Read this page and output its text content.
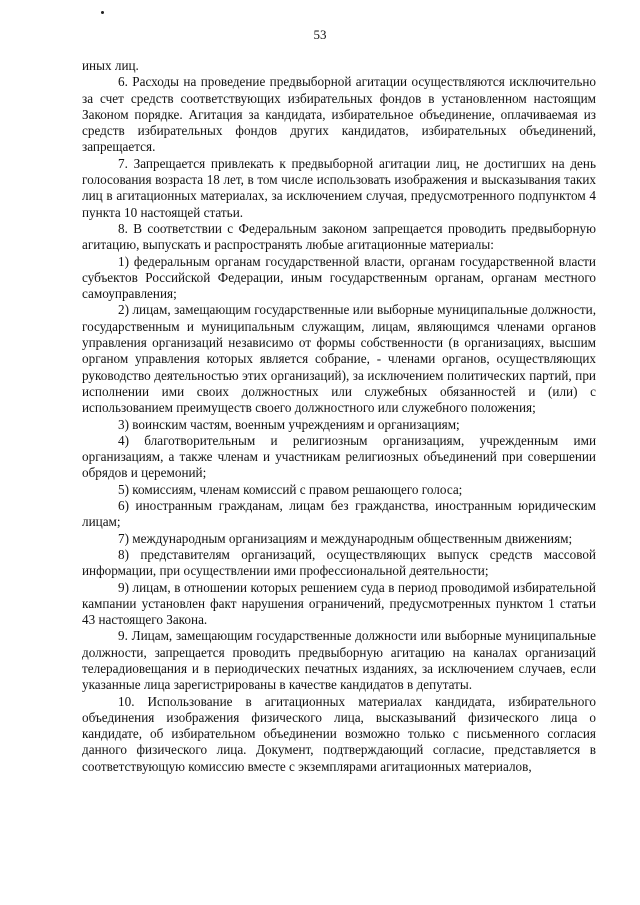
53

иных лиц.

6. Расходы на проведение предвыборной агитации осуществляются исключительно за счет средств соответствующих избирательных фондов в установленном настоящим Законом порядке. Агитация за кандидата, избирательное объединение, оплачиваемая из средств избирательных фондов других кандидатов, избирательных объединений, запрещается.

7. Запрещается привлекать к предвыборной агитации лиц, не достигших на день голосования возраста 18 лет, в том числе использовать изображения и высказывания таких лиц в агитационных материалах, за исключением случая, предусмотренного подпунктом 4 пункта 10 настоящей статьи.

8. В соответствии с Федеральным законом запрещается проводить предвыборную агитацию, выпускать и распространять любые агитационные материалы:

1) федеральным органам государственной власти, органам государственной власти субъектов Российской Федерации, иным государственным органам, органам местного самоуправления;

2) лицам, замещающим государственные или выборные муниципальные должности, государственным и муниципальным служащим, лицам, являющимся членами органов управления организаций независимо от формы собственности (в организациях, высшим органом управления которых является собрание, - членами органов, осуществляющих руководство деятельностью этих организаций), за исключением политических партий, при исполнении ими своих должностных или служебных обязанностей и (или) с использованием преимуществ своего должностного или служебного положения;

3) воинским частям, военным учреждениям и организациям;

4) благотворительным и религиозным организациям, учрежденным ими организациям, а также членам и участникам религиозных объединений при совершении обрядов и церемоний;

5) комиссиям, членам комиссий с правом решающего голоса;

6) иностранным гражданам, лицам без гражданства, иностранным юридическим лицам;

7) международным организациям и международным общественным движениям;

8) представителям организаций, осуществляющих выпуск средств массовой информации, при осуществлении ими профессиональной деятельности;

9) лицам, в отношении которых решением суда в период проводимой избирательной кампании установлен факт нарушения ограничений, предусмотренных пунктом 1 статьи 43 настоящего Закона.

9. Лицам, замещающим государственные должности или выборные муниципальные должности, запрещается проводить предвыборную агитацию на каналах организаций телерадиовещания и в периодических печатных изданиях, за исключением случаев, если указанные лица зарегистрированы в качестве кандидатов в депутаты.

10. Использование в агитационных материалах кандидата, избирательного объединения изображения физического лица, высказываний физического лица о кандидате, об избирательном объединении возможно только с письменного согласия данного физического лица. Документ, подтверждающий согласие, представляется в соответствующую комиссию вместе с экземплярами агитационных материалов,
